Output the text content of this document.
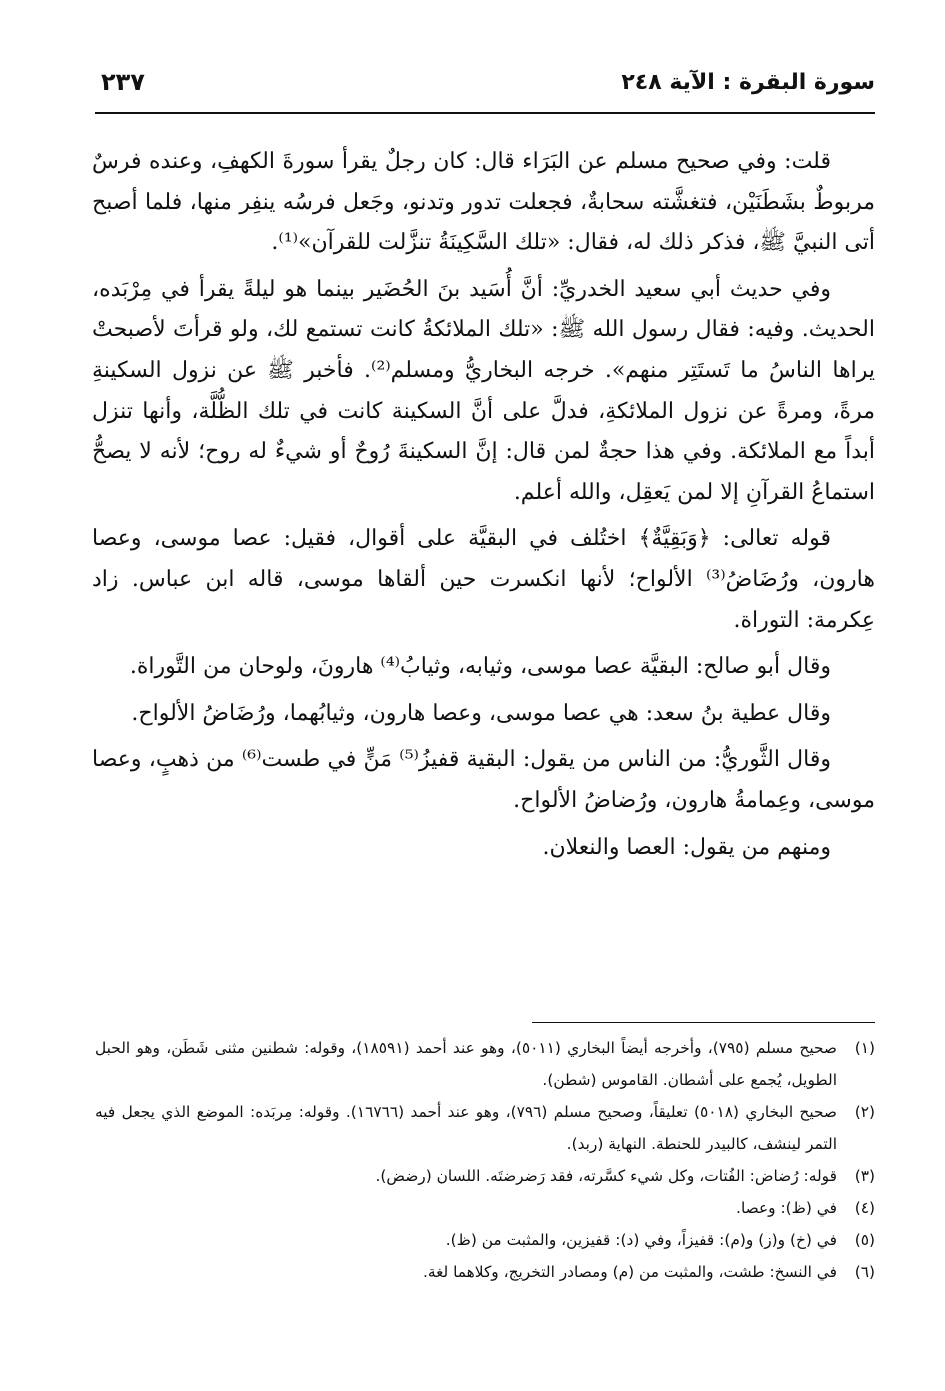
سورة البقرة : الآية ٢٤٨
٢٣٧

قلت: وفي صحيح مسلم عن البَرَاء قال: كان رجلٌ يقرأ سورةَ الكهفِ، وعنده فرسٌ مربوطٌ بشَطَنَيْن، فتغشَّته سحابةٌ، فجعلت تدور وتدنو، وجَعل فرسُه ينفِر منها، فلما أصبح أتى النبيَّ ﷺ، فذكر ذلك له، فقال: «تلك السَّكِينَةُ تنزَّلت للقرآن»⁽¹⁾.

وفي حديث أبي سعيد الخدريِّ: أنَّ أُسَيد بنَ الحُضَير بينما هو ليلةً يقرأ في مِرْبَده، الحديث. وفيه: فقال رسول الله ﷺ: «تلك الملائكةُ كانت تستمع لك، ولو قرأتَ لأصبحتْ يراها الناسُ ما تَستَتِر منهم». خرجه البخاريُّ ومسلم⁽²⁾. فأخبر ﷺ عن نزول السكينةِ مرةً، ومرةً عن نزول الملائكةِ، فدلَّ على أنَّ السكينة كانت في تلك الظُّلَّة، وأنها تنزل أبداً مع الملائكة. وفي هذا حجةٌ لمن قال: إنَّ السكينةَ رُوحٌ أو شيءٌ له روح؛ لأنه لا يصحُّ استماعُ القرآنِ إلا لمن يَعقِل، والله أعلم.

قوله تعالى: ﴿وَبَقِيَّةٌ﴾ اختُلف في البقيَّة على أقوال، فقيل: عصا موسى، وعصا هارون، ورُضَاضُ⁽³⁾ الألواح؛ لأنها انكسرت حين ألقاها موسى، قاله ابن عباس. زاد عِكرمة: التوراة.

وقال أبو صالح: البقيَّة عصا موسى، وثيابه، وثيابُ⁽⁴⁾ هارونَ، ولوحان من التَّوراة.

وقال عطية بنُ سعد: هي عصا موسى، وعصا هارون، وثيابُهما، ورُضَاضُ الألواح.

وقال الثَّوريُّ: من الناس من يقول: البقية قفيزُ⁽⁵⁾ مَنٍّ في طست⁽⁶⁾ من ذهبٍ، وعصا موسى، وعِمامةُ هارون، ورُضاضُ الألواح.

ومنهم من يقول: العصا والنعلان.

(١)
صحيح مسلم (٧٩٥)، وأخرجه أيضاً البخاري (٥٠١١)، وهو عند أحمد (١٨٥٩١)، وقوله: شطنين مثنى شَطَن، وهو الحبل الطويل، يُجمع على أشطان. القاموس (شطن).
(٢)
صحيح البخاري (٥٠١٨) تعليقاً، وصحيح مسلم (٧٩٦)، وهو عند أحمد (١٦٧٦٦). وقوله: مِربَده: الموضع الذي يجعل فيه التمر لينشف، كالبيدر للحنطة. النهاية (ربد).
(٣)
قوله: رُضاض: الفُتات، وكل شيء كسَّرته، فقد رَضرضتَه. اللسان (رضض).
(٤)
في (ظ): وعصا.
(٥)
في (خ) و(ز) و(م): قفيزاً، وفي (د): قفيزين، والمثبت من (ظ).
(٦)
في النسخ: طشت، والمثبت من (م) ومصادر التخريج، وكلاهما لغة.
